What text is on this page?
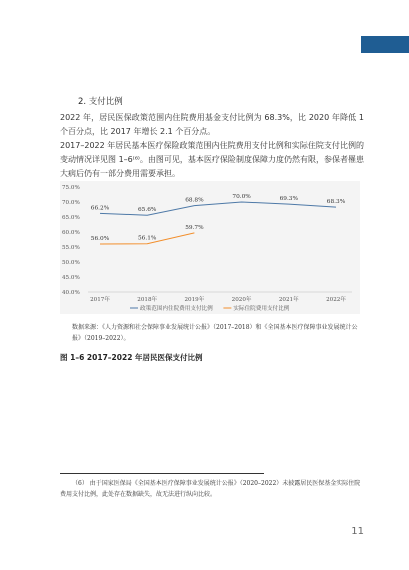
2. 支付比例

2022 年，居民医保政策范围内住院费用基金支付比例为 68.3%，比 2020 年降低 1 个百分点，比 2017 年增长 2.1 个百分点。

2017–2022 年居民基本医疗保险政策范围内住院费用支付比例和实际住院支付比例的变动情况详见图 1–6⁽⁶⁾。由图可见，基本医疗保险制度保障力度仍然有限，参保者罹患大病后仍有一部分费用需要承担。

75.0%
70.0%
65.0%
60.0%
55.0%
50.0%
45.0%
40.0%
2017年	2018年	2019年	2020年	2021年	2022年
66.2%	65.6%
68.8%
70.0%	69.3%	68.3%
56.0%	56.1%
59.7%
政策范围内住院费用支付比例	实际住院费用支付比例
数据来源：《人力资源和社会保障事业发展统计公报》（2017–2018）和《全国基本医疗保障事业发展统计公报》（2019–2022）。
图 1–6 2017–2022 年居民医保支付比例
（6） 由于国家医保局《全国基本医疗保障事业发展统计公报》（2020–2022）未披露居民医保基金实际住院费用支付比例，此处存在数据缺失，故无法进行纵向比较。
11
